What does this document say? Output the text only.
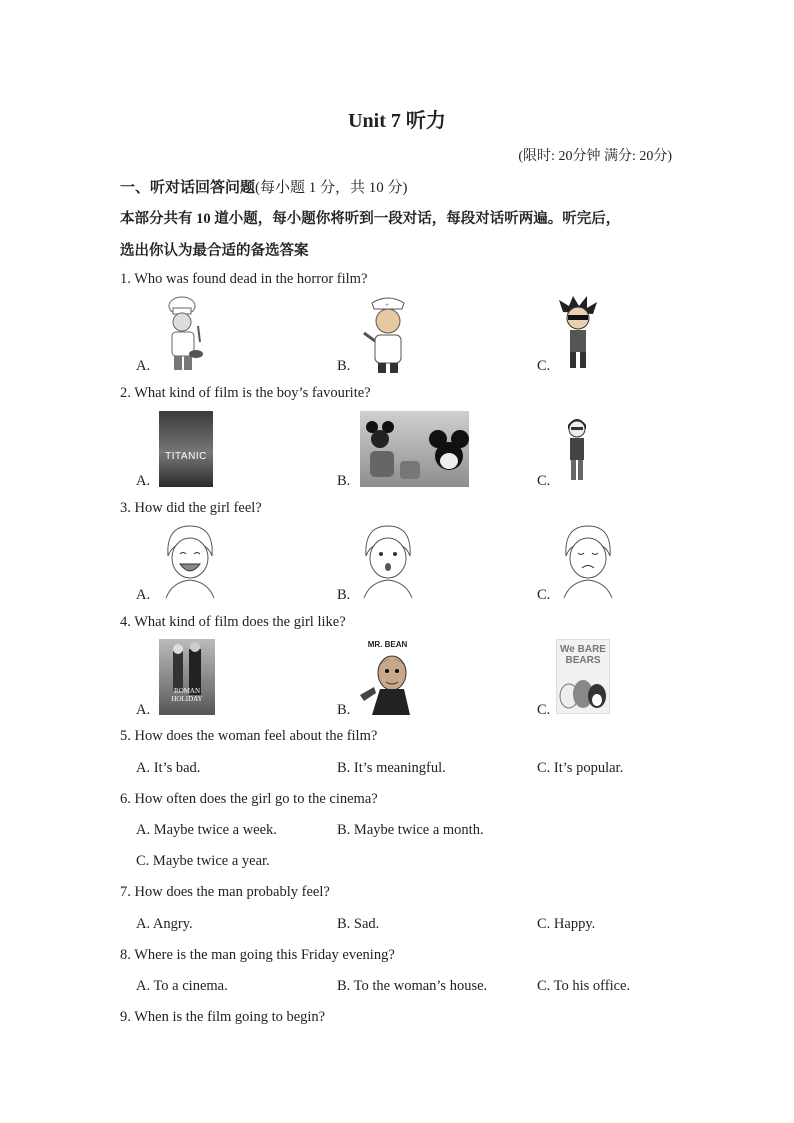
Unit 7 听力
(限时: 20分钟 满分: 20分)
一、听对话回答问题(每小题 1 分，共 10 分)
本部分共有 10 道小题，每小题你将听到一段对话，每段对话听两遍。听完后，
选出你认为最合适的备选答案
1. Who was found dead in the horror film?
A.	B.	C.
+
2. What kind of film is the boy’s favourite?
A.	B.	C.
TITANIC
3. How did the girl feel?
A.	B.	C.
4. What kind of film does the girl like?
A.	B.	C.
ROMAN HOLIDAY
MR. BEAN	We BARE BEARS
5. How does the woman feel about the film?
A. It’s bad.	B. It’s meaningful.	C. It’s popular.
6. How often does the girl go to the cinema?
A. Maybe twice a week.	B. Maybe twice a month.
C. Maybe twice a year.
7. How does the man probably feel?
A. Angry.	B. Sad.	C. Happy.
8. Where is the man going this Friday evening?
A. To a cinema.	B. To the woman’s house.	C. To his office.
9. When is the film going to begin?
